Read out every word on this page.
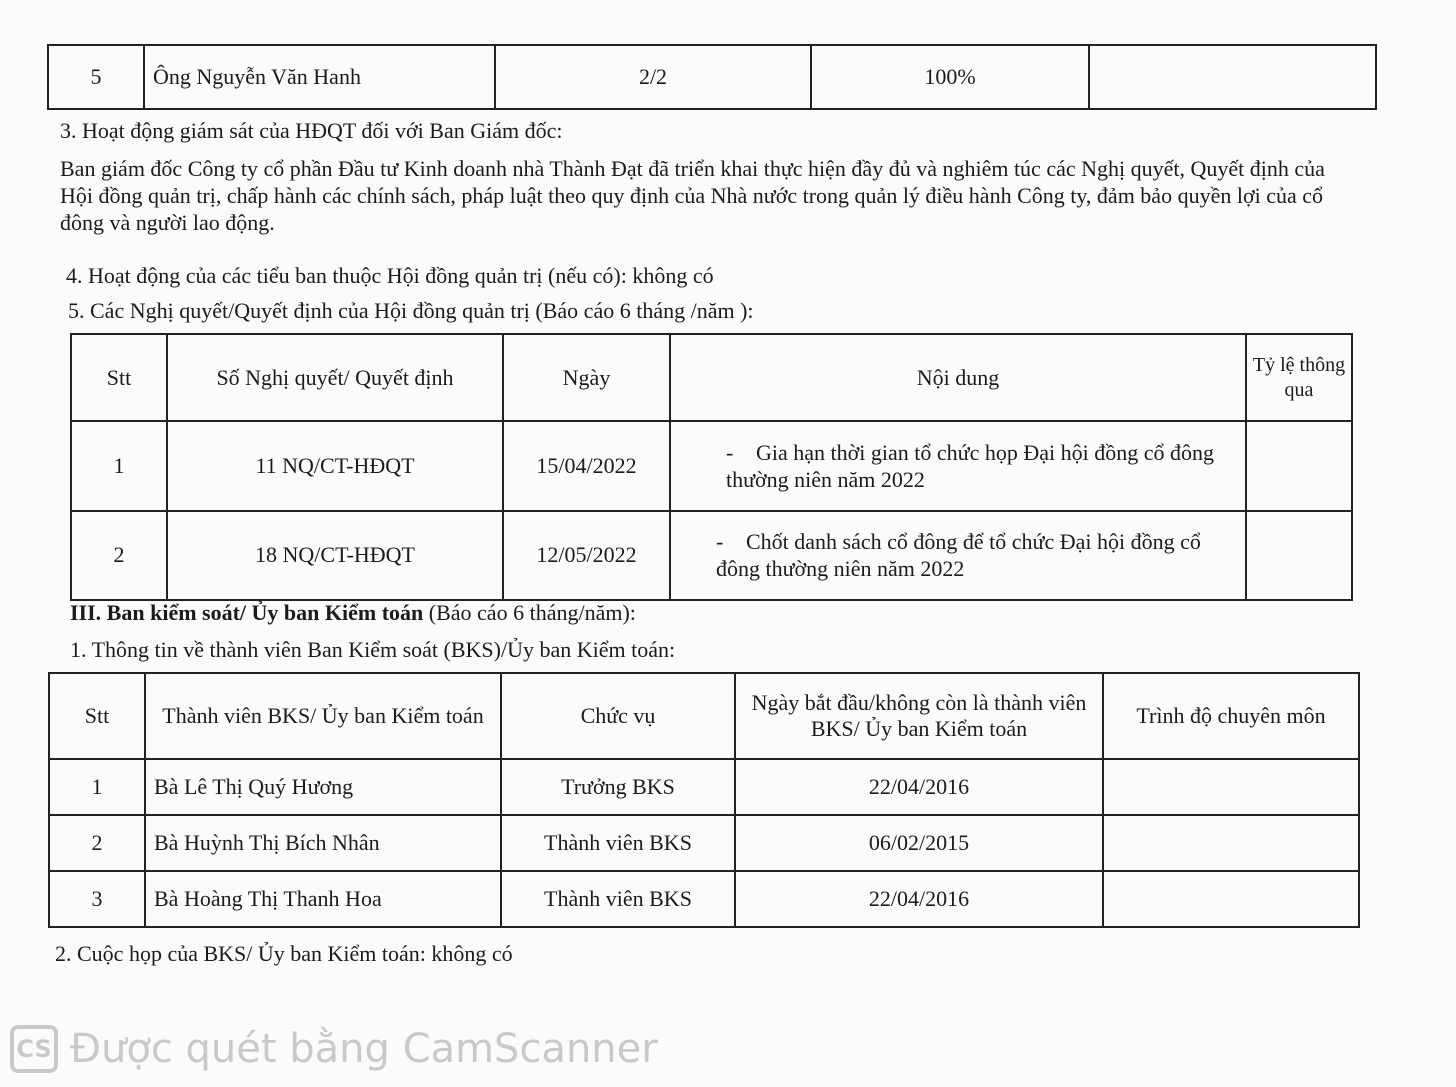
5	Ông Nguyễn Văn Hanh	2/2	100%	
3. Hoạt động giám sát của HĐQT đối với Ban Giám đốc:
Ban giám đốc Công ty cổ phần Đầu tư Kinh doanh nhà Thành Đạt đã triển khai thực hiện đầy đủ và nghiêm túc các Nghị quyết, Quyết định của Hội đồng quản trị, chấp hành các chính sách, pháp luật theo quy định của Nhà nước trong quản lý điều hành Công ty, đảm bảo quyền lợi của cổ đông và người lao động.
4. Hoạt động của các tiểu ban thuộc Hội đồng quản trị (nếu có): không có
5. Các Nghị quyết/Quyết định của Hội đồng quản trị (Báo cáo 6 tháng /năm ):
Stt	Số Nghị quyết/ Quyết định	Ngày	Nội dung	Tỷ lệ thông qua
1	11 NQ/CT-HĐQT	15/04/2022	- Gia hạn thời gian tổ chức họp Đại hội đồng cổ đông thường niên năm 2022	
2	18 NQ/CT-HĐQT	12/05/2022	- Chốt danh sách cổ đông để tổ chức Đại hội đồng cổ đông thường niên năm 2022	
III. Ban kiểm soát/ Ủy ban Kiểm toán (Báo cáo 6 tháng/năm):
1. Thông tin về thành viên Ban Kiểm soát (BKS)/Ủy ban Kiểm toán:
Stt	Thành viên BKS/ Ủy ban Kiểm toán	Chức vụ	Ngày bắt đầu/không còn là thành viên BKS/ Ủy ban Kiểm toán	Trình độ chuyên môn
1	Bà Lê Thị Quý Hương	Trưởng BKS	22/04/2016	
2	Bà Huỳnh Thị Bích Nhân	Thành viên BKS	06/02/2015	
3	Bà Hoàng Thị Thanh Hoa	Thành viên BKS	22/04/2016	
2. Cuộc họp của BKS/ Ủy ban Kiểm toán: không có
CS Được quét bằng CamScanner
